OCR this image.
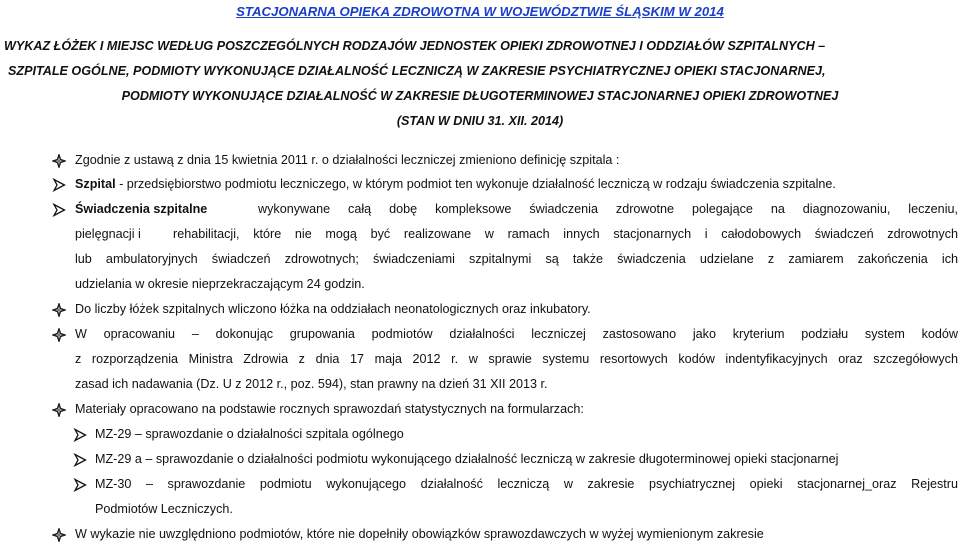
STACJONARNA OPIEKA ZDROWOTNA W WOJEWÓDZTWIE ŚLĄSKIM W 2014
WYKAZ ŁÓŻEK I MIEJSC WEDŁUG POSZCZEGÓLNYCH RODZAJÓW JEDNOSTEK OPIEKI ZDROWOTNEJ I ODDZIAŁÓW SZPITALNYCH –
SZPITALE OGÓLNE, PODMIOTY WYKONUJĄCE DZIAŁALNOŚĆ LECZNICZĄ W ZAKRESIE PSYCHIATRYCZNEJ OPIEKI STACJONARNEJ,
PODMIOTY WYKONUJĄCE DZIAŁALNOŚĆ W ZAKRESIE DŁUGOTERMINOWEJ STACJONARNEJ OPIEKI ZDROWOTNEJ
(STAN W DNIU 31. XII. 2014)
Zgodnie z ustawą z dnia 15 kwietnia 2011 r. o działalności leczniczej zmieniono definicję szpitala :
Szpital - przedsiębiorstwo podmiotu leczniczego, w którym podmiot ten wykonuje działalność leczniczą w rodzaju świadczenia szpitalne.
Świadczenia szpitalne	wykonywane całą dobę kompleksowe świadczenia zdrowotne polegające na diagnozowaniu, leczeniu,
pielęgnacji i	rehabilitacji, które nie mogą być realizowane w ramach innych stacjonarnych i całodobowych świadczeń zdrowotnych
lub ambulatoryjnych świadczeń zdrowotnych; świadczeniami szpitalnymi są także świadczenia udzielane z zamiarem zakończenia ich
udzielania w okresie nieprzekraczającym 24 godzin.
Do liczby łóżek szpitalnych wliczono łóżka na oddziałach neonatologicznych oraz inkubatory.
W opracowaniu – dokonując grupowania podmiotów działalności leczniczej zastosowano jako kryterium podziału system kodów
z rozporządzenia Ministra Zdrowia z dnia 17 maja 2012 r. w sprawie systemu resortowych kodów indentyfikacyjnych oraz szczegółowych
zasad ich nadawania (Dz. U z 2012 r., poz. 594), stan prawny na dzień 31 XII 2013 r.
Materiały opracowano na podstawie rocznych sprawozdań statystycznych na formularzach:
MZ-29 – sprawozdanie o działalności szpitala ogólnego
MZ-29 a – sprawozdanie o działalności podmiotu wykonującego działalność leczniczą w zakresie długoterminowej opieki stacjonarnej
MZ-30 – sprawozdanie podmiotu wykonującego działalność leczniczą w zakresie psychiatrycznej opieki stacjonarnej_oraz Rejestru
Podmiotów Leczniczych.
W wykazie nie uwzględniono podmiotów, które nie dopełniły obowiązków sprawozdawczych w wyżej wymienionym zakresie
